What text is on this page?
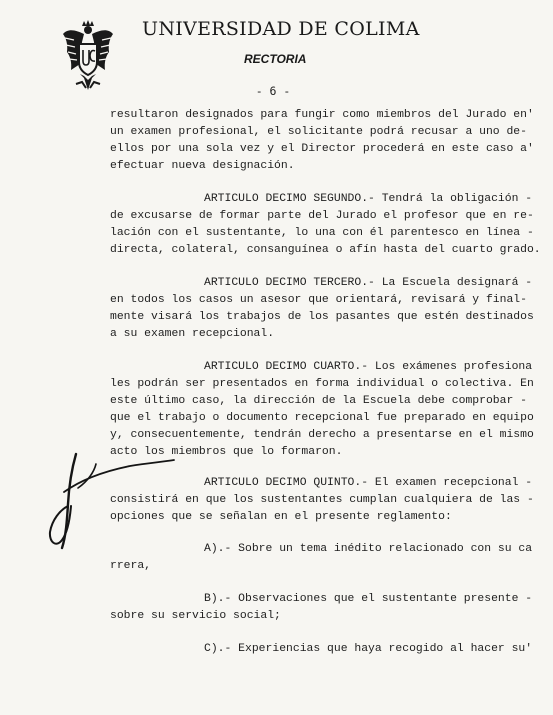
UNIVERSIDAD DE COLIMA
RECTORIA
- 6 -
resultaron designados para fungir como miembros del Jurado en'
un examen profesional, el solicitante podrá recusar a uno de-
ellos por una sola vez y el Director procederá en este caso a'
efectuar nueva designación.
ARTICULO DECIMO SEGUNDO.- Tendrá la obligación -
de excusarse de formar parte del Jurado el profesor que en re-
lación con el sustentante, lo una con él parentesco en línea -
directa, colateral, consanguínea o afín hasta del cuarto grado.
ARTICULO DECIMO TERCERO.- La Escuela designará -
en todos los casos un asesor que orientará, revisará y final-
mente visará los trabajos de los pasantes que estén destinados
a su examen recepcional.
ARTICULO DECIMO CUARTO.- Los exámenes profesiona
les podrán ser presentados en forma individual o colectiva. En
este último caso, la dirección de la Escuela debe comprobar -
que el trabajo o documento recepcional fue preparado en equipo
y, consecuentemente, tendrán derecho a presentarse en el mismo
acto los miembros que lo formaron.
ARTICULO DECIMO QUINTO.- El examen recepcional -
consistirá en que los sustentantes cumplan cualquiera de las -
opciones que se señalan en el presente reglamento:
A).- Sobre un tema inédito relacionado con su ca
rrera,
B).- Observaciones que el sustentante presente -
sobre su servicio social;
C).- Experiencias que haya recogido al hacer su'
